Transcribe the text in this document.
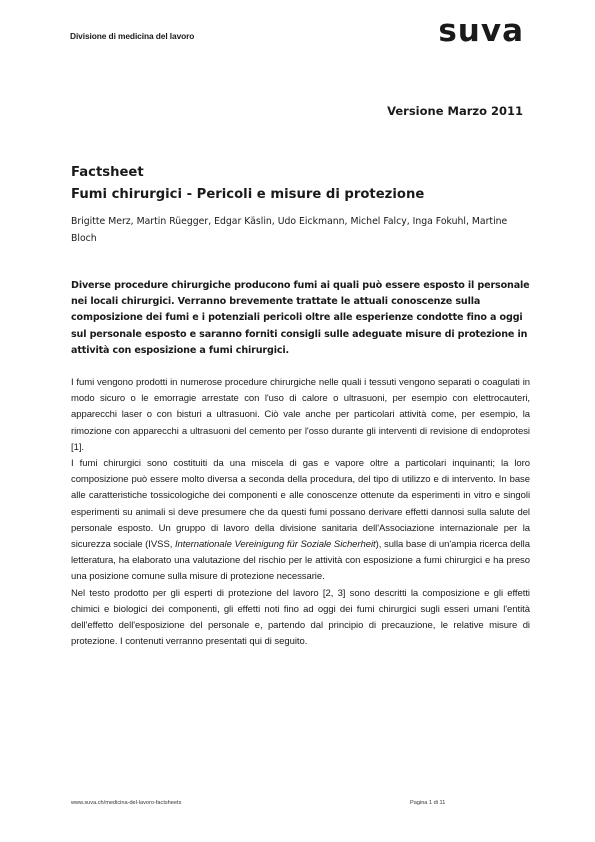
Divisione di medicina del lavoro	suva
Versione Marzo 2011
Factsheet
Fumi chirurgici - Pericoli e misure di protezione
Brigitte Merz, Martin Rüegger, Edgar Käslin, Udo Eickmann, Michel Falcy, Inga Fokuhl, Martine Bloch
Diverse procedure chirurgiche producono fumi ai quali può essere esposto il personale nei locali chirurgici. Verranno brevemente trattate le attuali conoscenze sulla composizione dei fumi e i potenziali pericoli oltre alle esperienze condotte fino a oggi sul personale esposto e saranno forniti consigli sulle adeguate misure di protezione in attività con esposizione a fumi chirurgici.

I fumi vengono prodotti in numerose procedure chirurgiche nelle quali i tessuti vengono separati o coagulati in modo sicuro o le emorragie arrestate con l'uso di calore o ultrasuoni, per esempio con elettrocauteri, apparecchi laser o con bisturi a ultrasuoni. Ciò vale anche per particolari attività come, per esempio, la rimozione con apparecchi a ultrasuoni del cemento per l'osso durante gli interventi di revisione di endoprotesi [1].

I fumi chirurgici sono costituiti da una miscela di gas e vapore oltre a particolari inquinanti; la loro composizione può essere molto diversa a seconda della procedura, del tipo di utilizzo e di intervento. In base alle caratteristiche tossicologiche dei componenti e alle conoscenze ottenute da esperimenti in vitro e singoli esperimenti su animali si deve presumere che da questi fumi possano derivare effetti dannosi sulla salute del personale esposto. Un gruppo di lavoro della divisione sanitaria dell'Associazione internazionale per la sicurezza sociale (IVSS, Internationale Vereinigung für Soziale Sicherheit), sulla base di un'ampia ricerca della letteratura, ha elaborato una valutazione del rischio per le attività con esposizione a fumi chirurgici e ha preso una posizione comune sulla misure di protezione necessarie.

Nel testo prodotto per gli esperti di protezione del lavoro [2, 3] sono descritti la composizione e gli effetti chimici e biologici dei componenti, gli effetti noti fino ad oggi dei fumi chirurgici sugli esseri umani l'entità dell'effetto dell'esposizione del personale e, partendo dal principio di precauzione, le relative misure di protezione. I contenuti verranno presentati qui di seguito.

www.suva.ch/medicina-del-lavoro-factsheets	Pagina 1 di 11
